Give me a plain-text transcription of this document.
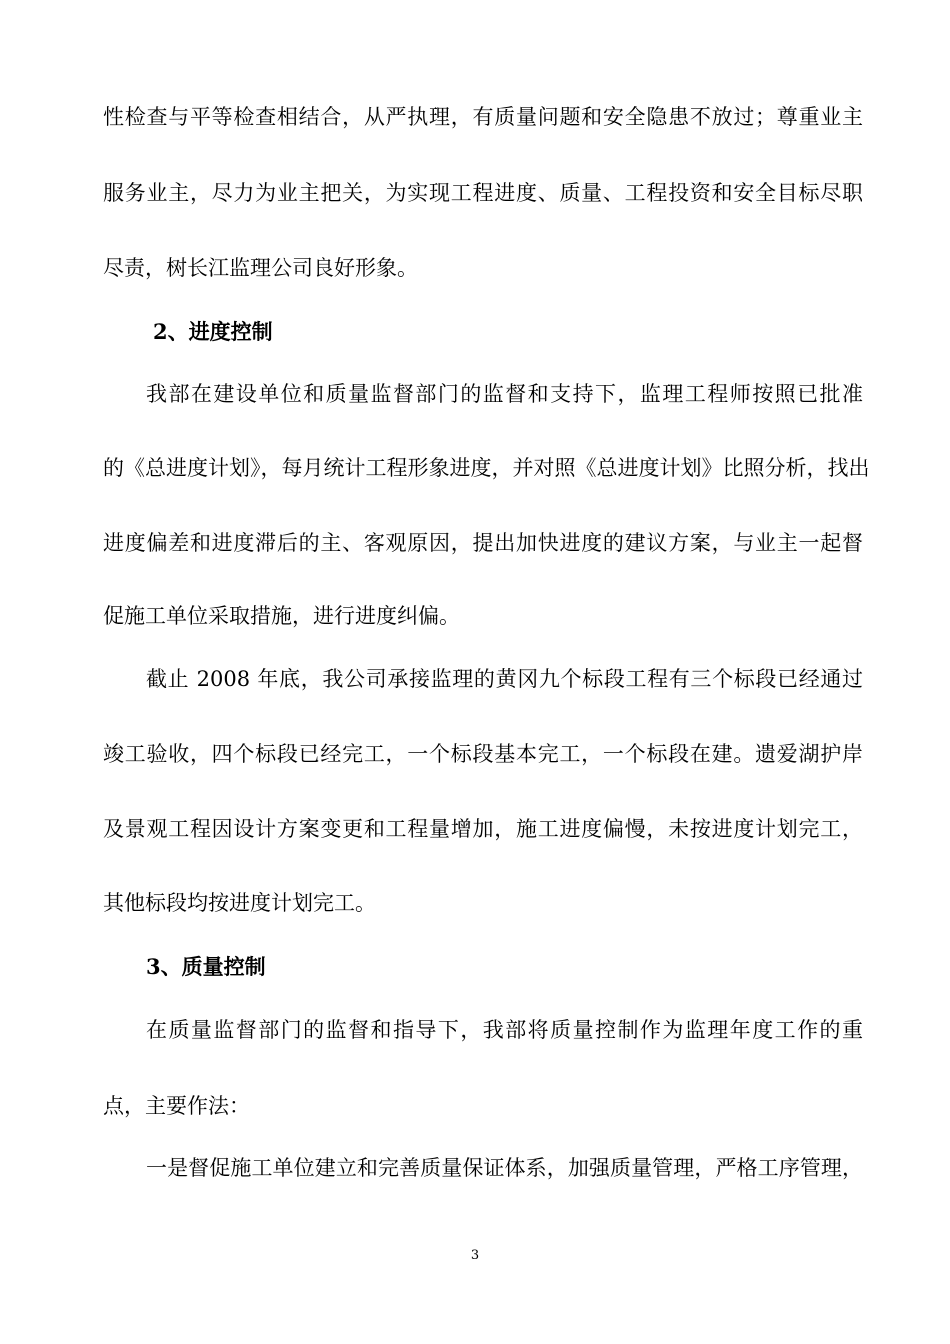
性检查与平等检查相结合，从严执理，有质量问题和安全隐患不放过；尊重业主
服务业主，尽力为业主把关，为实现工程进度、质量、工程投资和安全目标尽职
尽责，树长江监理公司良好形象。
2、进度控制
我部在建设单位和质量监督部门的监督和支持下，监理工程师按照已批准
的《总进度计划》，每月统计工程形象进度，并对照《总进度计划》比照分析，找出
进度偏差和进度滞后的主、客观原因，提出加快进度的建议方案，与业主一起督
促施工单位采取措施，进行进度纠偏。
截止 2008 年底，我公司承接监理的黄冈九个标段工程有三个标段已经通过
竣工验收，四个标段已经完工，一个标段基本完工，一个标段在建。遗爱湖护岸
及景观工程因设计方案变更和工程量增加，施工进度偏慢，未按进度计划完工，
其他标段均按进度计划完工。
3、质量控制
在质量监督部门的监督和指导下，我部将质量控制作为监理年度工作的重
点，主要作法：
一是督促施工单位建立和完善质量保证体系，加强质量管理，严格工序管理，
3
